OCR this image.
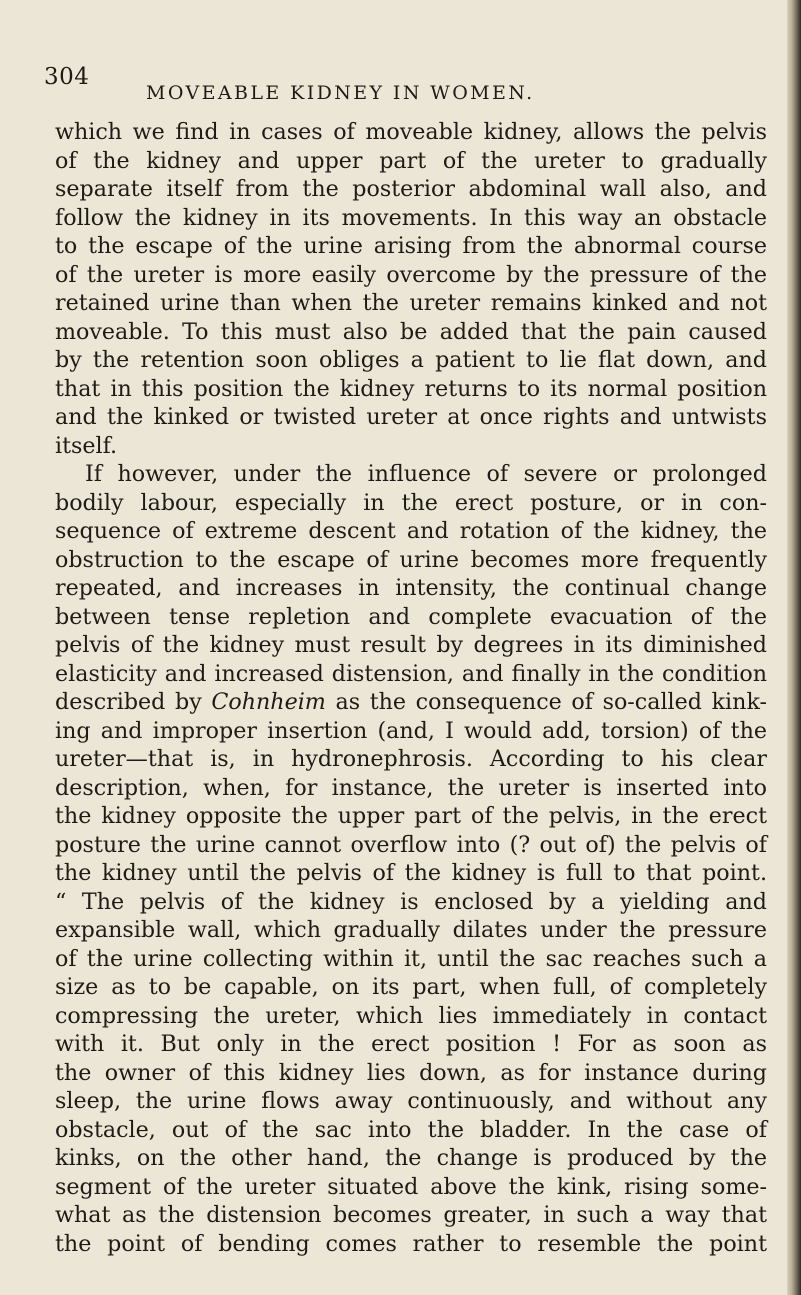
304
MOVEABLE KIDNEY IN WOMEN.
which we find in cases of moveable kidney, allows the pelvis
of the kidney and upper part of the ureter to gradually
separate itself from the posterior abdominal wall also, and
follow the kidney in its movements. In this way an obstacle
to the escape of the urine arising from the abnormal course
of the ureter is more easily overcome by the pressure of the
retained urine than when the ureter remains kinked and not
moveable. To this must also be added that the pain caused
by the retention soon obliges a patient to lie flat down, and
that in this position the kidney returns to its normal position
and the kinked or twisted ureter at once rights and untwists
itself.
If however, under the influence of severe or prolonged
bodily labour, especially in the erect posture, or in con-
sequence of extreme descent and rotation of the kidney, the
obstruction to the escape of urine becomes more frequently
repeated, and increases in intensity, the continual change
between tense repletion and complete evacuation of the
pelvis of the kidney must result by degrees in its diminished
elasticity and increased distension, and finally in the condition
described by Cohnheim as the consequence of so-called kink-
ing and improper insertion (and, I would add, torsion) of the
ureter—that is, in hydronephrosis. According to his clear
description, when, for instance, the ureter is inserted into
the kidney opposite the upper part of the pelvis, in the erect
posture the urine cannot overflow into (? out of) the pelvis of
the kidney until the pelvis of the kidney is full to that point.
“ The pelvis of the kidney is enclosed by a yielding and
expansible wall, which gradually dilates under the pressure
of the urine collecting within it, until the sac reaches such a
size as to be capable, on its part, when full, of completely
compressing the ureter, which lies immediately in contact
with it. But only in the erect position ! For as soon as
the owner of this kidney lies down, as for instance during
sleep, the urine flows away continuously, and without any
obstacle, out of the sac into the bladder. In the case of
kinks, on the other hand, the change is produced by the
segment of the ureter situated above the kink, rising some-
what as the distension becomes greater, in such a way that
the point of bending comes rather to resemble the point
